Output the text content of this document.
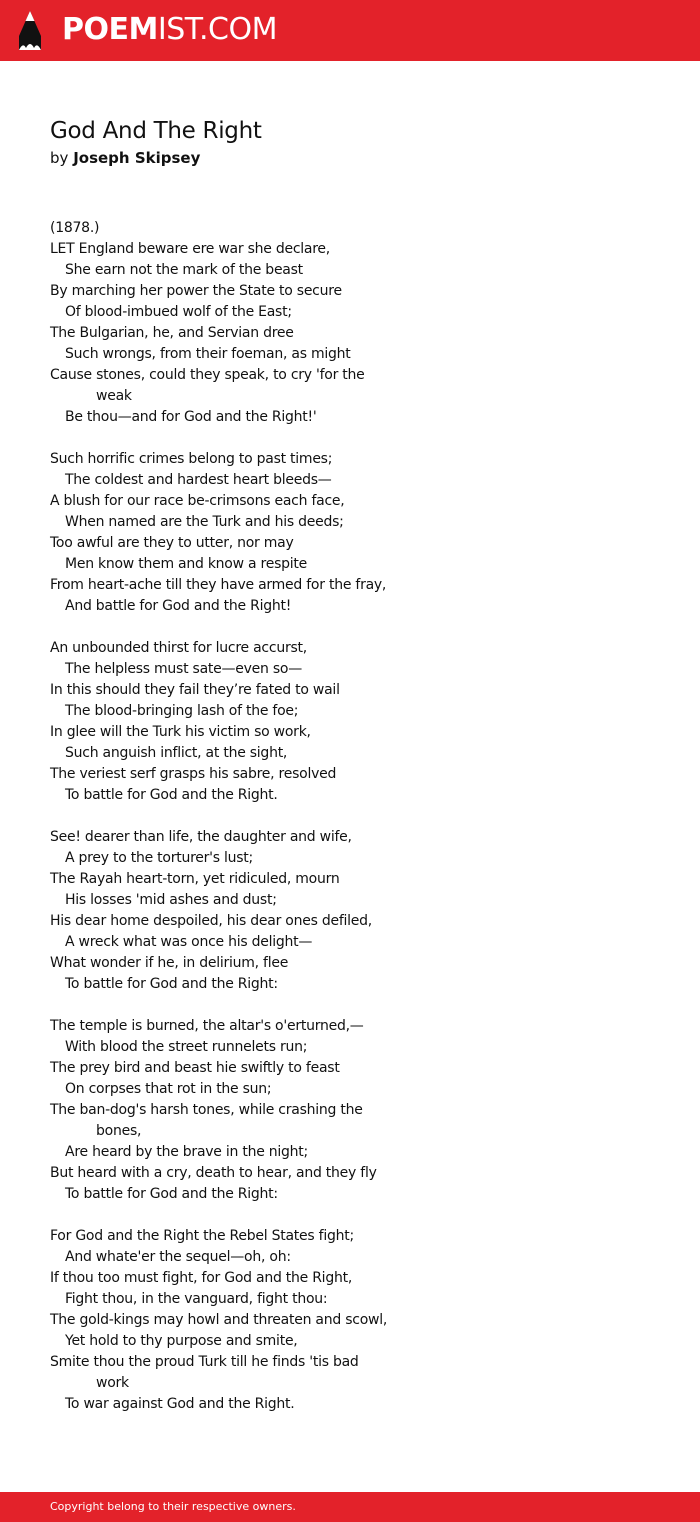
POEMIST.COM
God And The Right

by Joseph Skipsey

(1878.)
LET England beware ere war she declare,
She earn not the mark of the beast
By marching her power the State to secure
Of blood-imbued wolf of the East;
The Bulgarian, he, and Servian dree
Such wrongs, from their foeman, as might
Cause stones, could they speak, to cry 'for the
weak
Be thou—and for God and the Right!'
Such horrific crimes belong to past times;
The coldest and hardest heart bleeds—
A blush for our race be-crimsons each face,
When named are the Turk and his deeds;
Too awful are they to utter, nor may
Men know them and know a respite
From heart-ache till they have armed for the fray,
And battle for God and the Right!
An unbounded thirst for lucre accurst,
The helpless must sate—even so—
In this should they fail they’re fated to wail
The blood-bringing lash of the foe;
In glee will the Turk his victim so work,
Such anguish inflict, at the sight,
The veriest serf grasps his sabre, resolved
To battle for God and the Right.
See! dearer than life, the daughter and wife,
A prey to the torturer's lust;
The Rayah heart-torn, yet ridiculed, mourn
His losses 'mid ashes and dust;
His dear home despoiled, his dear ones defiled,
A wreck what was once his delight—
What wonder if he, in delirium, flee
To battle for God and the Right:
The temple is burned, the altar's o'erturned,—
With blood the street runnelets run;
The prey bird and beast hie swiftly to feast
On corpses that rot in the sun;
The ban-dog's harsh tones, while crashing the
bones,
Are heard by the brave in the night;
But heard with a cry, death to hear, and they fly
To battle for God and the Right:
For God and the Right the Rebel States fight;
And whate'er the sequel—oh, oh:
If thou too must fight, for God and the Right,
Fight thou, in the vanguard, fight thou:
The gold-kings may howl and threaten and scowl,
Yet hold to thy purpose and smite,
Smite thou the proud Turk till he finds 'tis bad
work
To war against God and the Right.
Copyright belong to their respective owners.
